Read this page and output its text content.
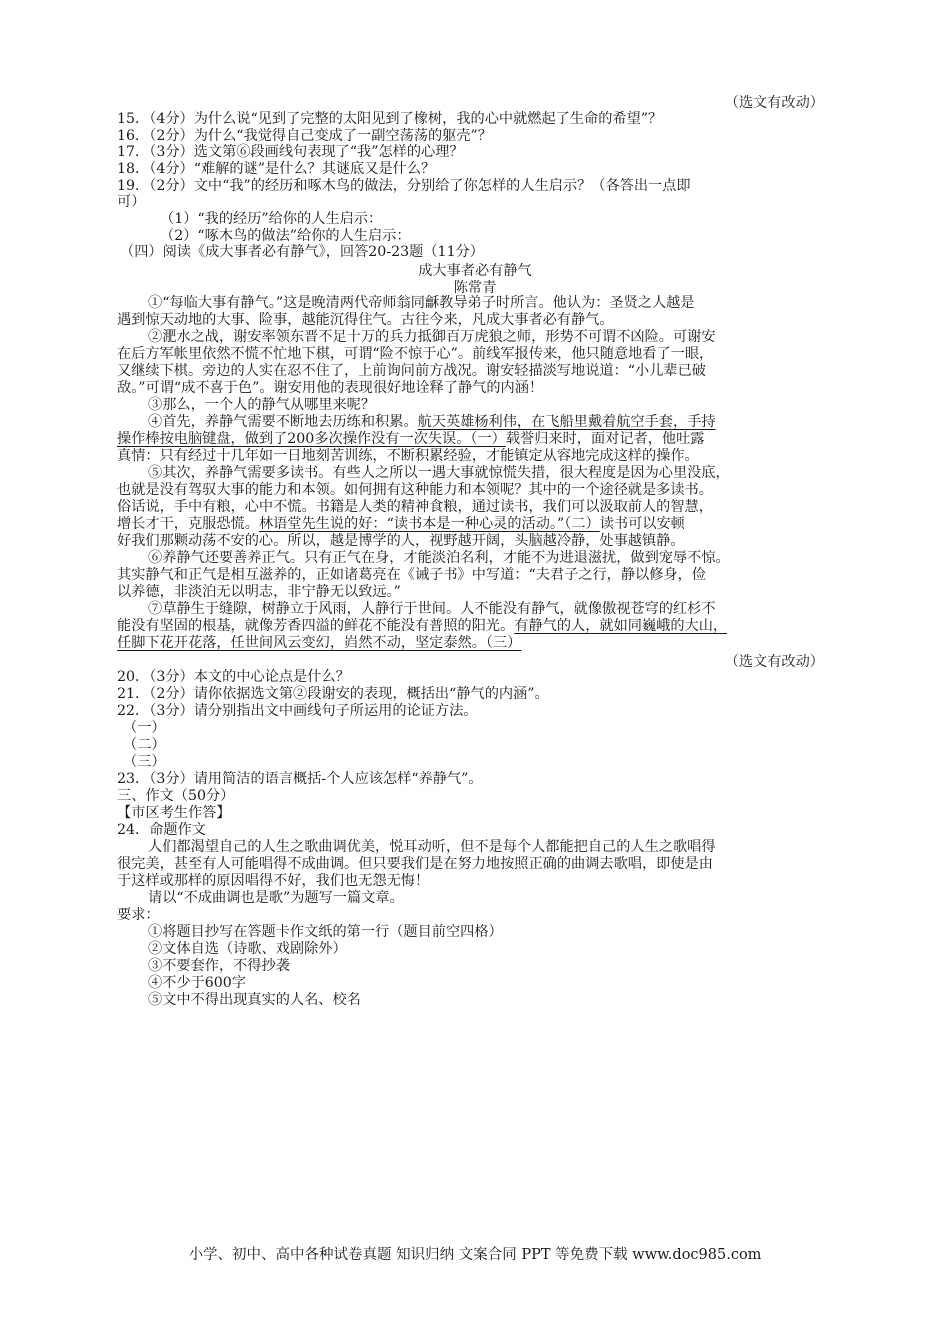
（选文有改动）
15．（4分）为什么说“见到了完整的太阳见到了橡树，我的心中就燃起了生命的希望”？
16．（2分）为什么“我觉得自己变成了一副空荡荡的躯壳”？
17．（3分）选文第⑥段画线句表现了“我”怎样的心理？
18．（4分）“难解的谜”是什么？其谜底又是什么？
19．（2分）文中“我”的经历和啄木鸟的做法，分别给了你怎样的人生启示？（各答出一点即
可）
（1）“我的经历”给你的人生启示：
（2）“啄木鸟的做法”给你的人生启示：
（四）阅读《成大事者必有静气》，回答20-23题（11分）
成大事者必有静气
陈常青
①“每临大事有静气。”这是晚清两代帝师翁同龢教导弟子时所言。他认为：圣贤之人越是
遇到惊天动地的大事、险事，越能沉得住气。古往今来，凡成大事者必有静气。
②淝水之战，谢安率领东晋不足十万的兵力抵御百万虎狼之师，形势不可谓不凶险。可谢安
在后方军帐里依然不慌不忙地下棋，可谓“险不惊于心”。前线军报传来，他只随意地看了一眼，
又继续下棋。旁边的人实在忍不住了，上前询问前方战况。谢安轻描淡写地说道：“小儿辈已破
敌。”可谓“成不喜于色”。谢安用他的表现很好地诠释了静气的内涵！
③那么，一个人的静气从哪里来呢？
④首先，养静气需要不断地去历练和积累。航天英雄杨利伟，在飞船里戴着航空手套，手持
操作棒按电脑键盘，做到了200多次操作没有一次失误。（一）载誉归来时，面对记者，他吐露
真情：只有经过十几年如一日地刻苦训练，不断积累经验，才能镇定从容地完成这样的操作。
⑤其次，养静气需要多读书。有些人之所以一遇大事就惊慌失措，很大程度是因为心里没底，
也就是没有驾驭大事的能力和本领。如何拥有这种能力和本领呢？其中的一个途径就是多读书。
俗话说，手中有粮，心中不慌。书籍是人类的精神食粮，通过读书，我们可以汲取前人的智慧，
增长才干，克服恐慌。林语堂先生说的好：“读书本是一种心灵的活动。”（二）读书可以安顿
好我们那颗动荡不安的心。所以，越是博学的人，视野越开阔，头脑越冷静，处事越镇静。
⑥养静气还要善养正气。只有正气在身，才能淡泊名利，才能不为进退滋扰，做到宠辱不惊。
其实静气和正气是相互滋养的，正如诸葛亮在《诫子书》中写道：“夫君子之行，静以修身，俭
以养德，非淡泊无以明志，非宁静无以致远。”
⑦草静生于缝隙，树静立于风雨，人静行于世间。人不能没有静气，就像傲视苍穹的红杉不
能没有坚固的根基，就像芳香四溢的鲜花不能没有普照的阳光。有静气的人，就如同巍峨的大山，
任脚下花开花落，任世间风云变幻，岿然不动，坚定泰然。（三）
（选文有改动）
20．（3分）本文的中心论点是什么？
21．（2分）请你依据选文第②段谢安的表现，概括出“静气的内涵”。
22．（3分）请分别指出文中画线句子所运用的论证方法。
（一）
（二）
（三）
23．（3分）请用简洁的语言概括-个人应该怎样“养静气”。
三、作文（50分）
【市区考生作答】
24．命题作文
人们都渴望自己的人生之歌曲调优美，悦耳动听，但不是每个人都能把自己的人生之歌唱得
很完美，甚至有人可能唱得不成曲调。但只要我们是在努力地按照正确的曲调去歌唱，即使是由
于这样或那样的原因唱得不好，我们也无怨无悔！
请以“不成曲调也是歌”为题写一篇文章。
要求：
①将题目抄写在答题卡作文纸的第一行（题目前空四格）
②文体自选（诗歌、戏剧除外）
③不要套作，不得抄袭
④不少于600字
⑤文中不得出现真实的人名、校名
小学、初中、高中各种试卷真题 知识归纳 文案合同 PPT 等免费下载 www.doc985.com
